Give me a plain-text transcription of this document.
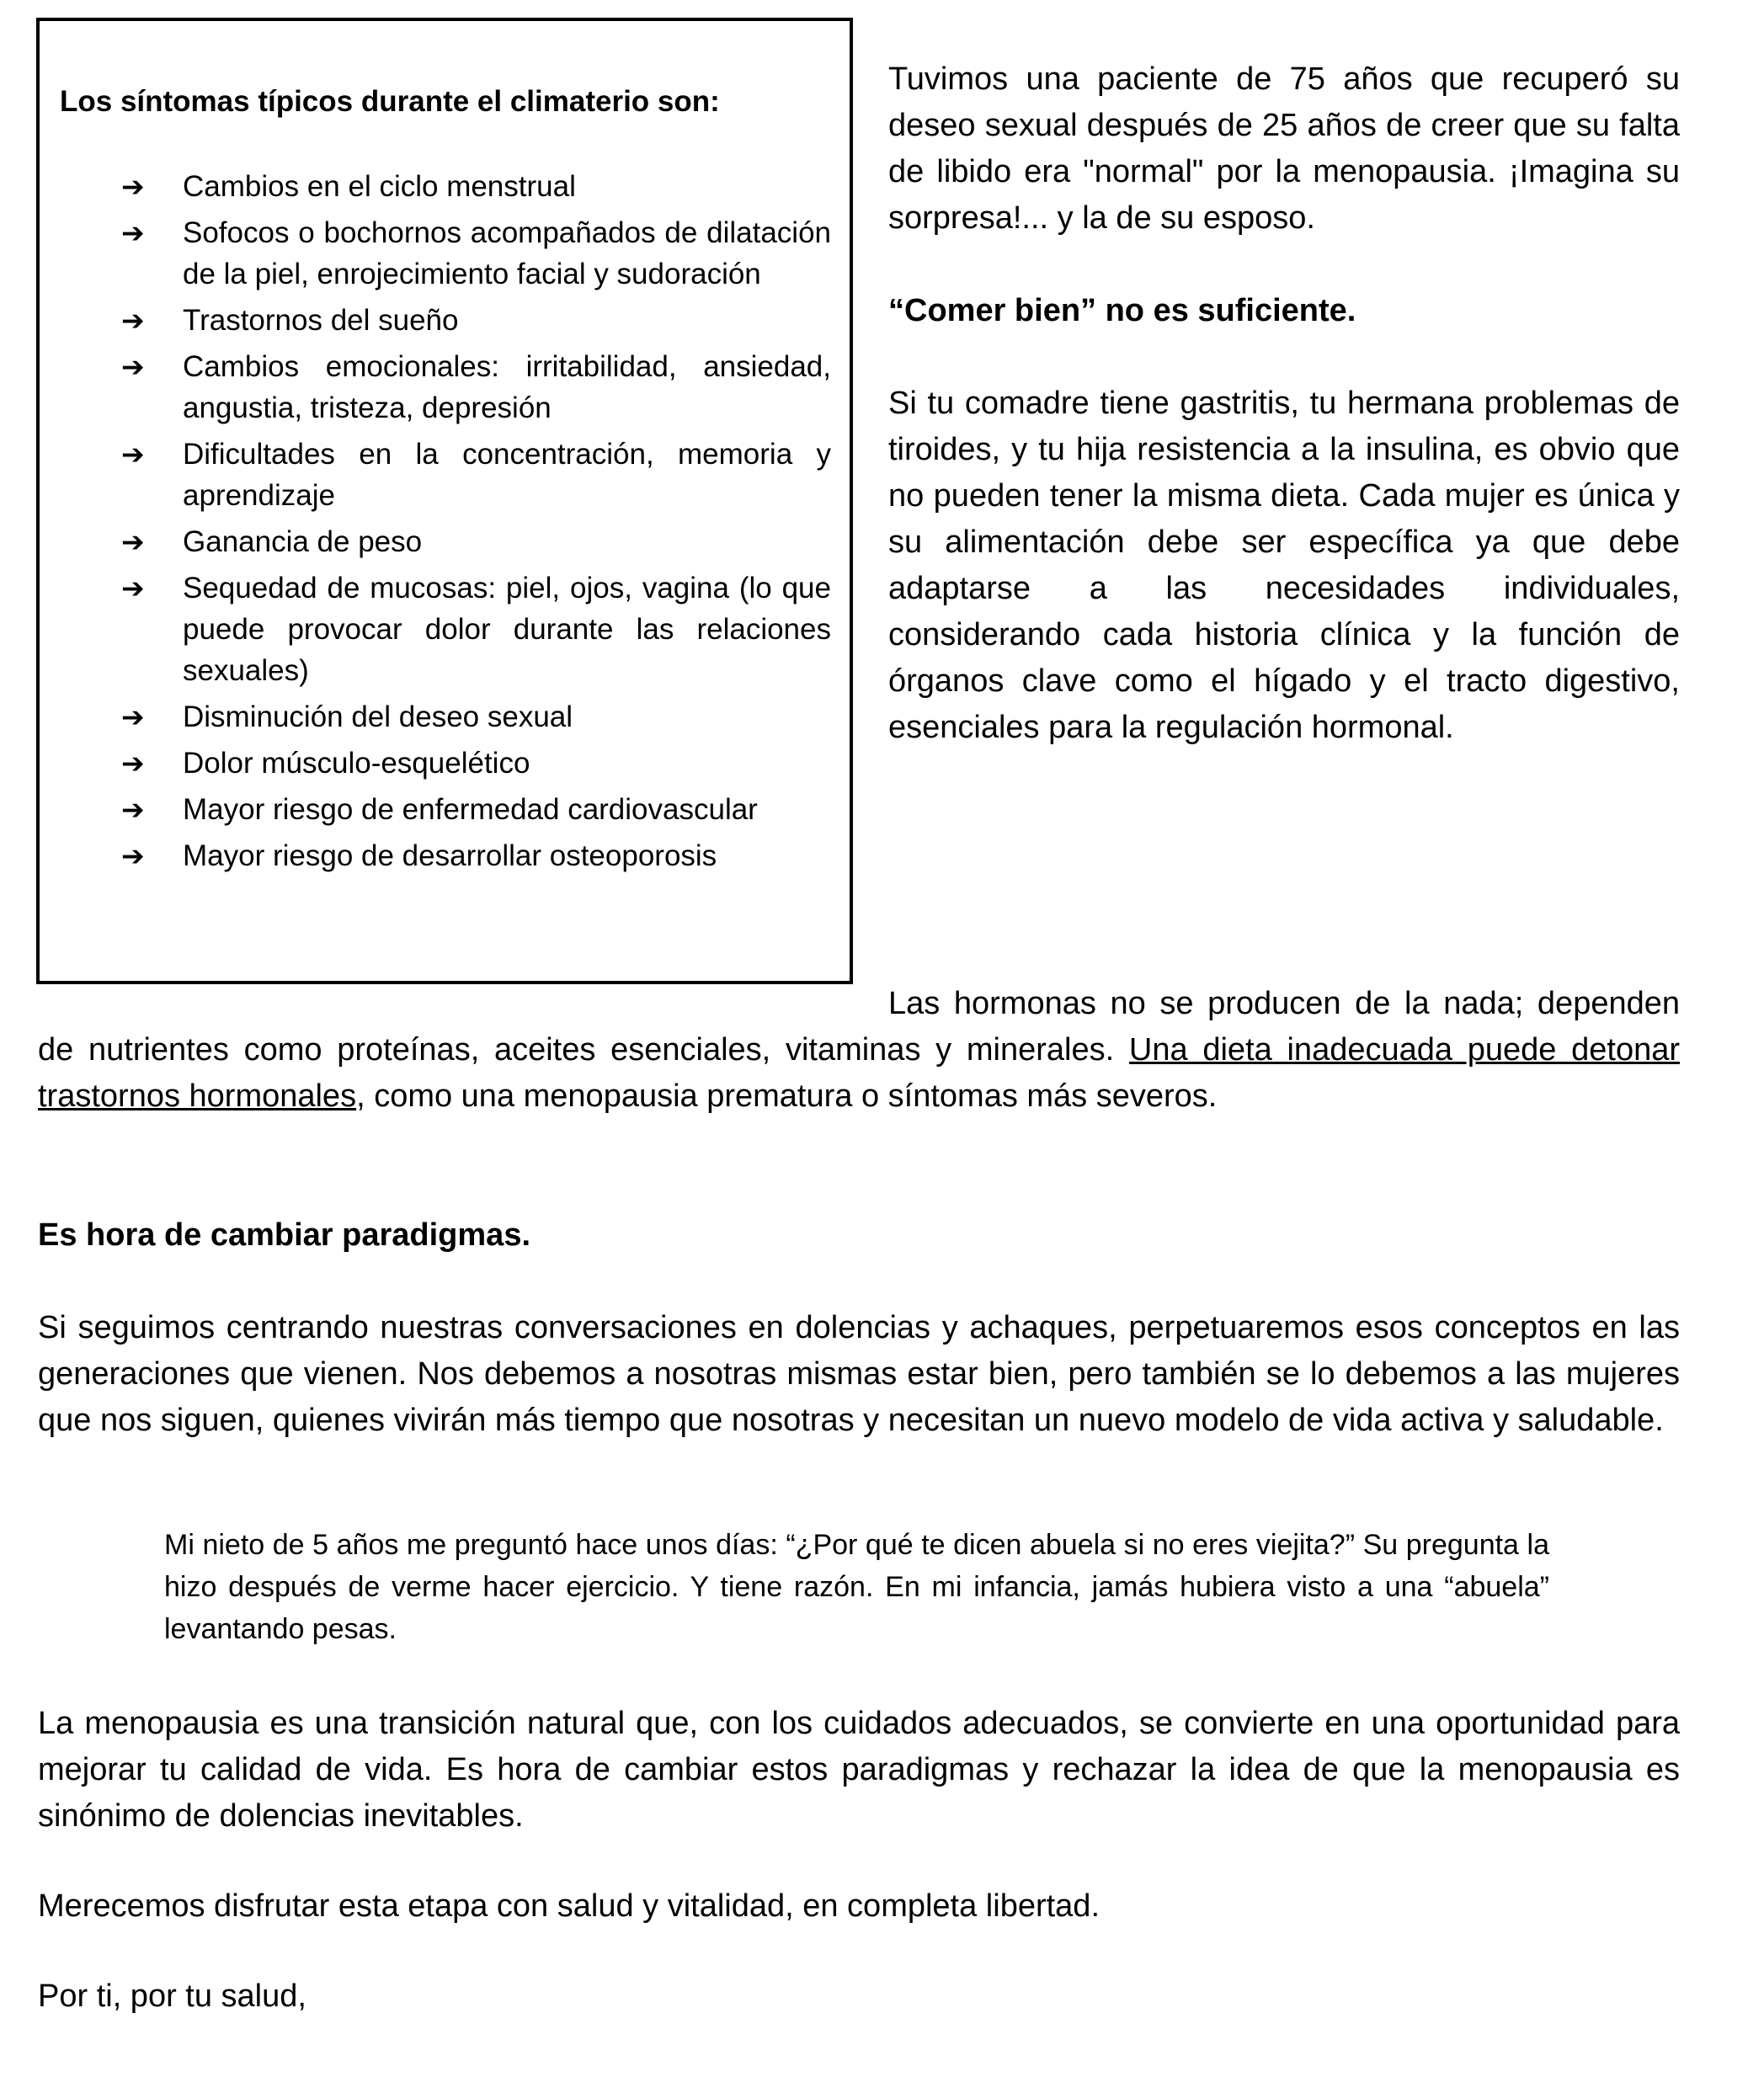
Los síntomas típicos durante el climaterio son:

➔ Cambios en el ciclo menstrual
➔ Sofocos o bochornos acompañados de dilatación de la piel, enrojecimiento facial y sudoración
➔ Trastornos del sueño
➔ Cambios emocionales: irritabilidad, ansiedad, angustia, tristeza, depresión
➔ Dificultades en la concentración, memoria y aprendizaje
➔ Ganancia de peso
➔ Sequedad de mucosas: piel, ojos, vagina (lo que puede provocar dolor durante las relaciones sexuales)
➔ Disminución del deseo sexual
➔ Dolor músculo-esquelético
➔ Mayor riesgo de enfermedad cardiovascular
➔ Mayor riesgo de desarrollar osteoporosis

Tuvimos una paciente de 75 años que recuperó su deseo sexual después de 25 años de creer que su falta de libido era "normal" por la menopausia. ¡Imagina su sorpresa!... y la de su esposo.

“Comer bien” no es suficiente.

Si tu comadre tiene gastritis, tu hermana problemas de tiroides, y tu hija resistencia a la insulina, es obvio que no pueden tener la misma dieta. Cada mujer es única y su alimentación debe ser específica ya que debe adaptarse a las necesidades individuales, considerando cada historia clínica y la función de órganos clave como el hígado y el tracto digestivo, esenciales para la regulación hormonal.

Las hormonas no se producen de la nada; dependen de nutrientes como proteínas, aceites esenciales, vitaminas y minerales. Una dieta inadecuada puede detonar trastornos hormonales, como una menopausia prematura o síntomas más severos.

Es hora de cambiar paradigmas.

Si seguimos centrando nuestras conversaciones en dolencias y achaques, perpetuaremos esos conceptos en las generaciones que vienen. Nos debemos a nosotras mismas estar bien, pero también se lo debemos a las mujeres que nos siguen, quienes vivirán más tiempo que nosotras y necesitan un nuevo modelo de vida activa y saludable.

Mi nieto de 5 años me preguntó hace unos días: “¿Por qué te dicen abuela si no eres viejita?” Su pregunta la hizo después de verme hacer ejercicio. Y tiene razón. En mi infancia, jamás hubiera visto a una “abuela” levantando pesas.

La menopausia es una transición natural que, con los cuidados adecuados, se convierte en una oportunidad para mejorar tu calidad de vida. Es hora de cambiar estos paradigmas y rechazar la idea de que la menopausia es sinónimo de dolencias inevitables.

Merecemos disfrutar esta etapa con salud y vitalidad, en completa libertad.

Por ti, por tu salud,
